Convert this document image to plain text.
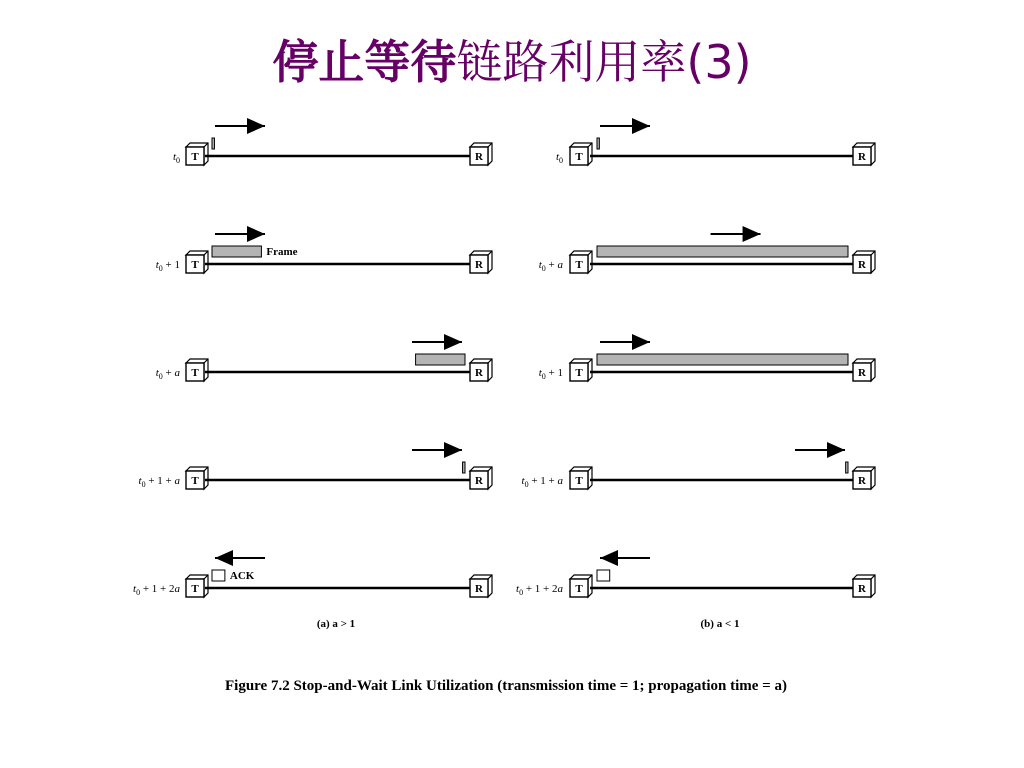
停止等待链路利用率(3)
$t_0$ T	R
$t_0 + 1$ T	R
Frame
$t_0 + a$ T	R
$t_0 + 1 + a$ T	R
$t_0 + 1 + 2a$ T	R
ACK
(a) a > 1
$t_0$ T	R
$t_0 + a$ T	R
$t_0 + 1$ T	R
$t_0 + 1 + a$ T	R
$t_0 + 1 + 2a$ T	R
(b) a < 1
Figure 7.2 Stop-and-Wait Link Utilization (transmission time = 1; propagation time = a)
